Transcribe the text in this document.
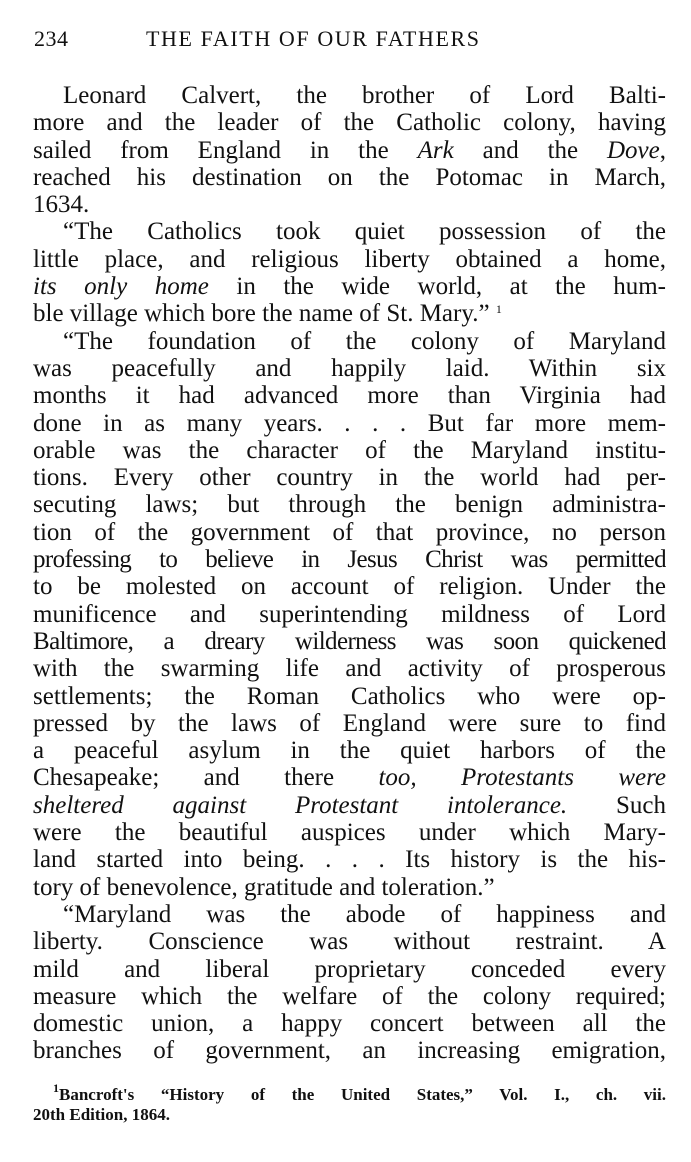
234	THE FAITH OF OUR FATHERS
Leonard Calvert, the brother of Lord Balti-
more and the leader of the Catholic colony, having
sailed from England in the Ark and the Dove,
reached his destination on the Potomac in March,
1634.
“The Catholics took quiet possession of the
little place, and religious liberty obtained a home,
its only home in the wide world, at the hum-
ble village which bore the name of St. Mary.” $^1$
“The foundation of the colony of Maryland
was peacefully and happily laid. Within six
months it had advanced more than Virginia had
done in as many years. . . . But far more mem-
orable was the character of the Maryland institu-
tions. Every other country in the world had per-
secuting laws; but through the benign administra-
tion of the government of that province, no person
professing to believe in Jesus Christ was permitted
to be molested on account of religion. Under the
munificence and superintending mildness of Lord
Baltimore, a dreary wilderness was soon quickened
with the swarming life and activity of prosperous
settlements; the Roman Catholics who were op-
pressed by the laws of England were sure to find
a peaceful asylum in the quiet harbors of the
Chesapeake; and there too, Protestants were
sheltered against Protestant intolerance. Such
were the beautiful auspices under which Mary-
land started into being. . . . Its history is the his-
tory of benevolence, gratitude and toleration.”
“Maryland was the abode of happiness and
liberty. Conscience was without restraint. A
mild and liberal proprietary conceded every
measure which the welfare of the colony required;
domestic union, a happy concert between all the
branches of government, an increasing emigration,
$^1$Bancroft's “History of the United States,” Vol. I., ch. vii.
20th Edition, 1864.
